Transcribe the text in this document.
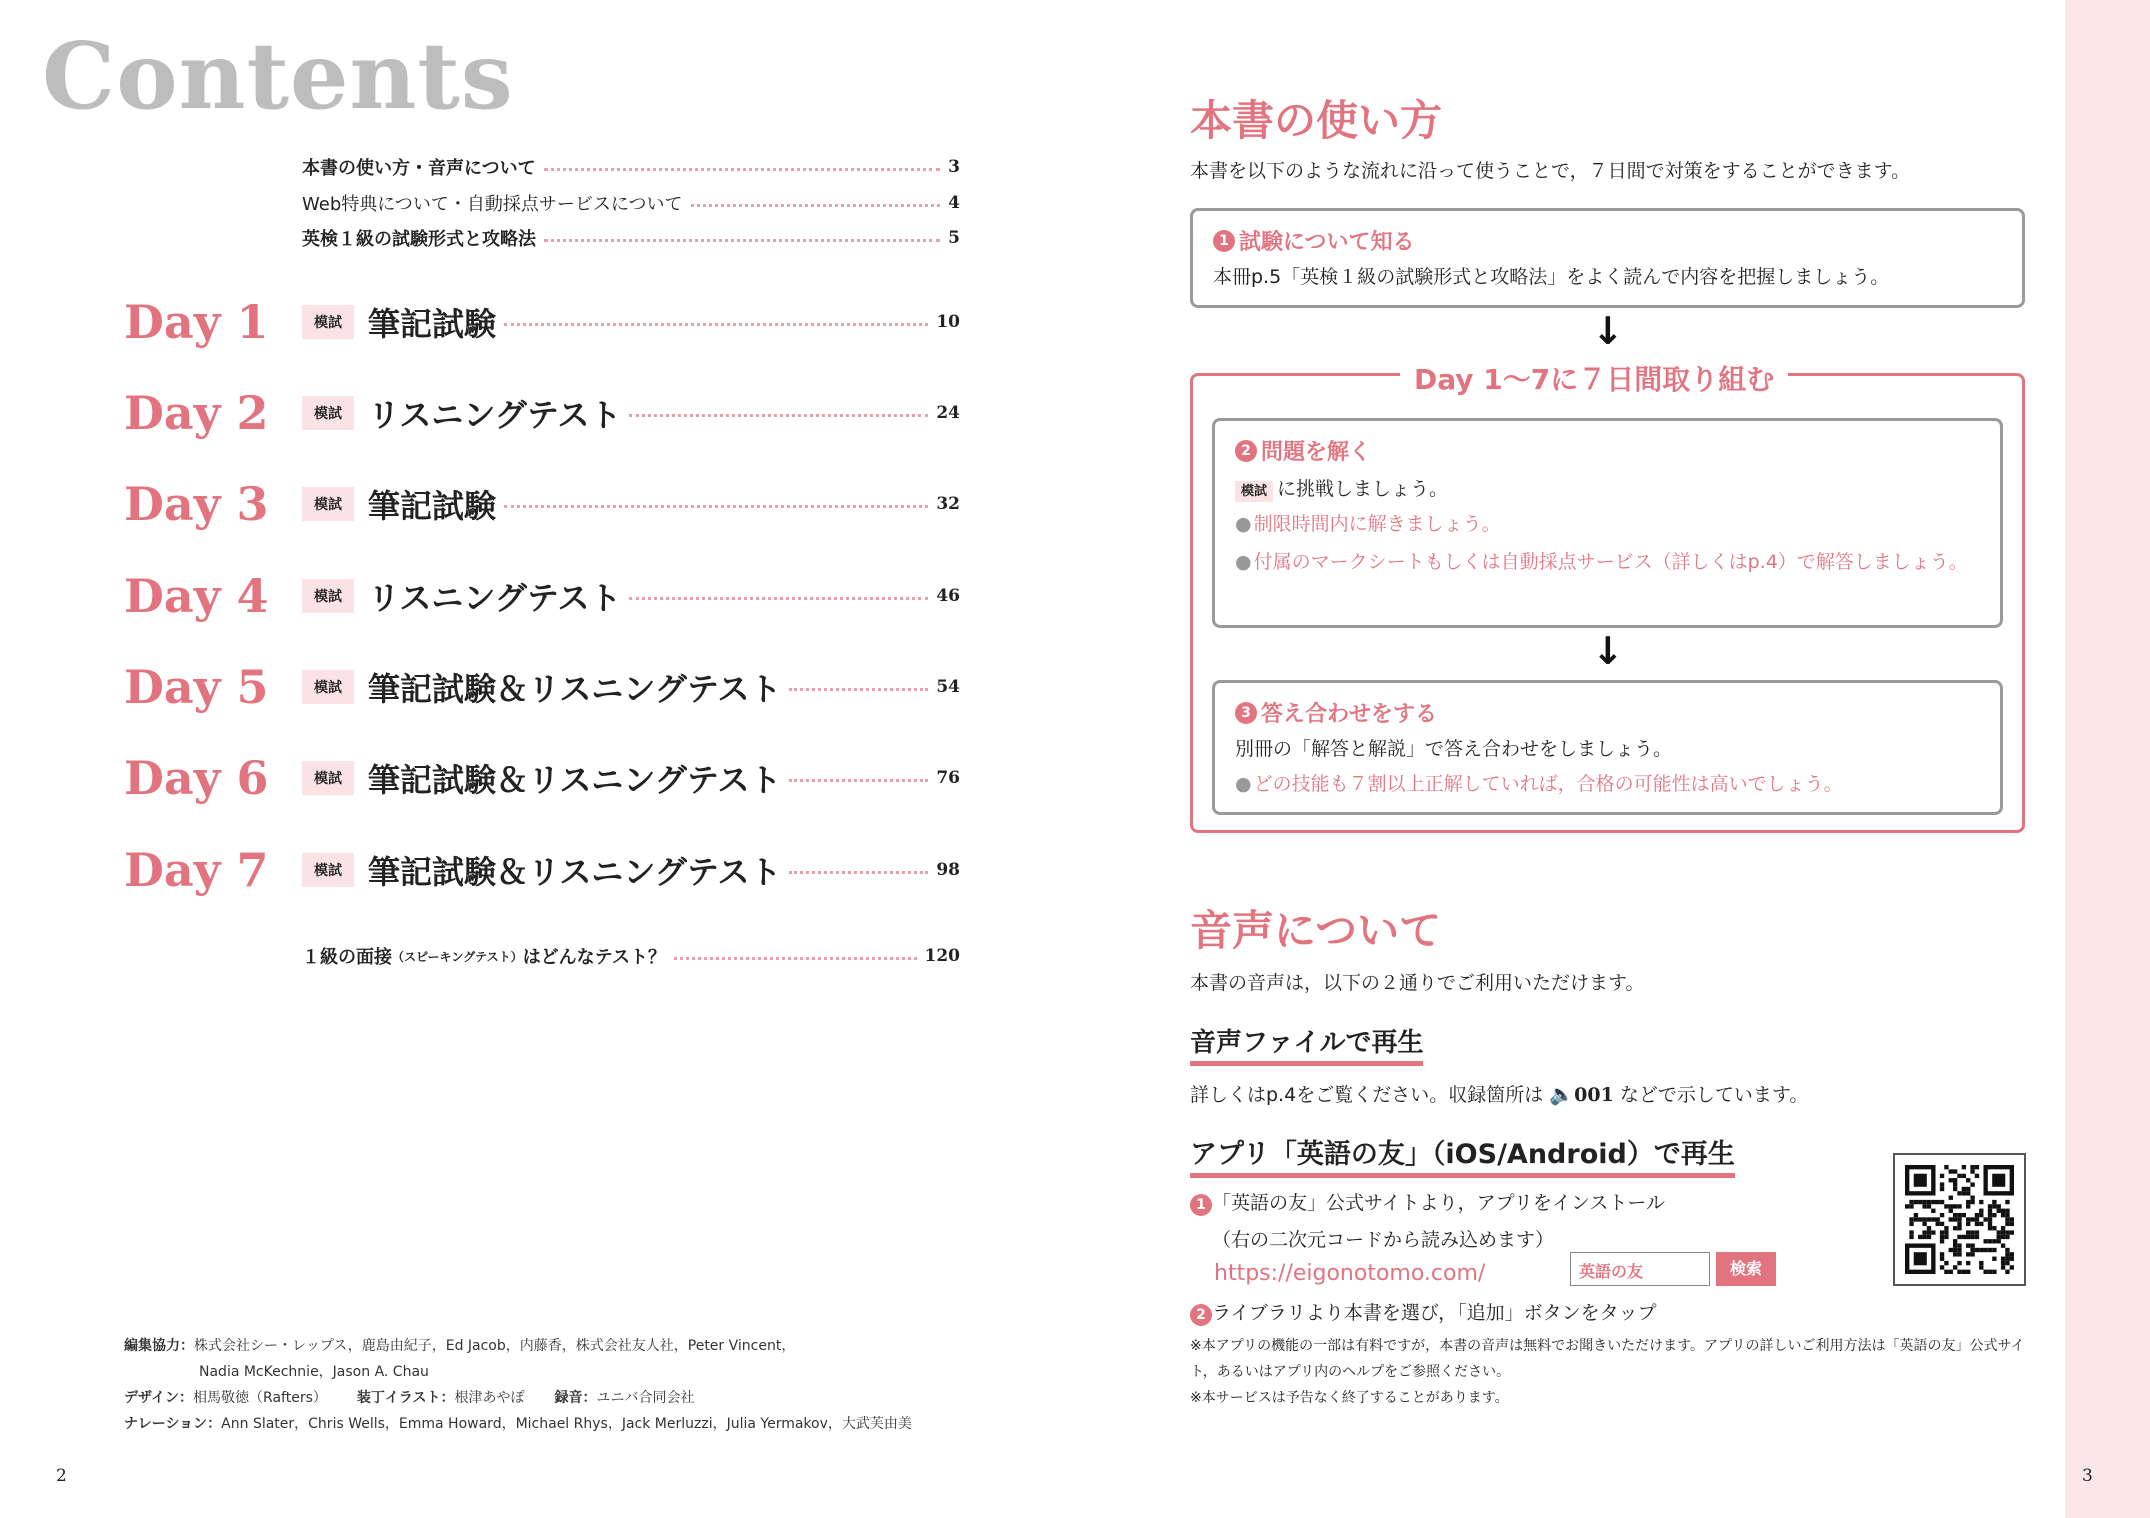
Contents
本書の使い方・音声について	3
Web特典について・自動採点サービスについて	4
英検１級の試験形式と攻略法	5
Day 1	模試 筆記試験	10
Day 2	模試 リスニングテスト	24
Day 3	模試 筆記試験	32
Day 4	模試 リスニングテスト	46
Day 5	模試 筆記試験＆リスニングテスト	54
Day 6	模試 筆記試験＆リスニングテスト	76
Day 7	模試 筆記試験＆リスニングテスト	98
１級の面接 （スピーキングテスト） はどんなテスト？	120
編集協力：株式会社シー・レップス，鹿島由紀子，Ed Jacob，内藤香，株式会社友人社，Peter Vincent，
Nadia McKechnie，Jason A. Chau
デザイン：相馬敬徳（Rafters） 装丁イラスト：根津あやぽ 録音：ユニバ合同会社
ナレーション：Ann Slater，Chris Wells，Emma Howard，Michael Rhys，Jack Merluzzi，Julia Yermakov，大武芙由美
2
本書の使い方
本書を以下のような流れに沿って使うことで，７日間で対策をすることができます。
1 試験について知る
本冊p.5「英検１級の試験形式と攻略法」をよく読んで内容を把握しましょう。
↓
Day 1〜7に７日間取り組む
2 問題を解く
模試 に挑戦しましょう。
● 制限時間内に解きましょう。
● 付属のマークシートもしくは自動採点サービス（詳しくはp.4）で解答しましょう。
↓
3 答え合わせをする
別冊の「解答と解説」で答え合わせをしましょう。
● どの技能も７割以上正解していれば，合格の可能性は高いでしょう。
音声について
本書の音声は，以下の２通りでご利用いただけます。
音声ファイルで再生
詳しくはp.4をご覧ください。収録箇所は 🔈001 などで示しています。
アプリ「英語の友」（iOS/Android）で再生
1 「英語の友」公式サイトより，アプリをインストール
（右の二次元コードから読み込めます）
https://eigonotomo.com/	英語の友	検索
2 ライブラリより本書を選び，「追加」ボタンをタップ
※本アプリの機能の一部は有料ですが，本書の音声は無料でお聞きいただけます。アプリの詳しいご利用方法は「英語の友」公式サイト，あるいはアプリ内のヘルプをご参照ください。
※本サービスは予告なく終了することがあります。
3
